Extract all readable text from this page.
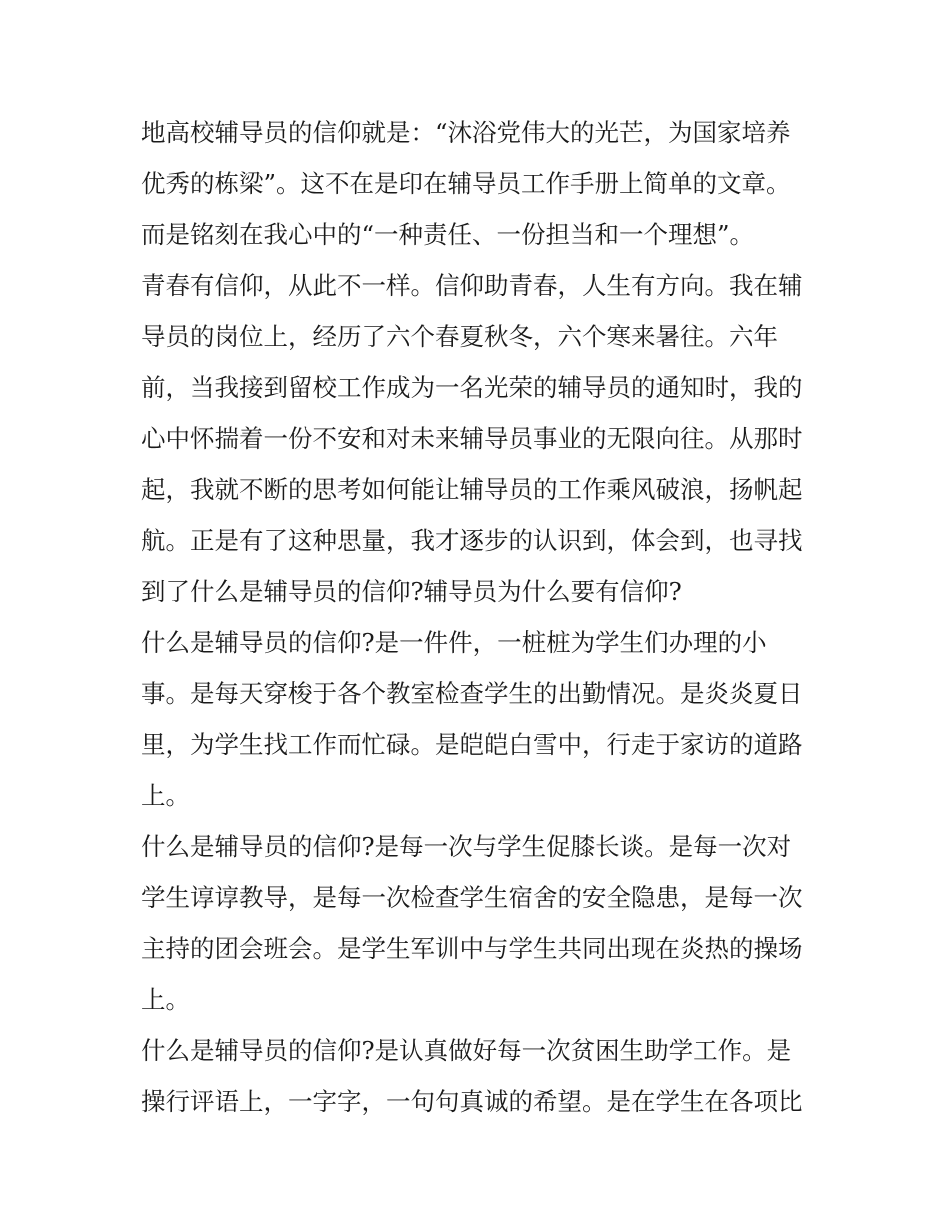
地高校辅导员的信仰就是：“沐浴党伟大的光芒，为国家培养
优秀的栋梁”。这不在是印在辅导员工作手册上简单的文章。
而是铭刻在我心中的“一种责任、一份担当和一个理想”。
青春有信仰，从此不一样。信仰助青春，人生有方向。我在辅
导员的岗位上，经历了六个春夏秋冬，六个寒来暑往。六年
前，当我接到留校工作成为一名光荣的辅导员的通知时，我的
心中怀揣着一份不安和对未来辅导员事业的无限向往。从那时
起，我就不断的思考如何能让辅导员的工作乘风破浪，扬帆起
航。正是有了这种思量，我才逐步的认识到，体会到，也寻找
到了什么是辅导员的信仰?辅导员为什么要有信仰?
什么是辅导员的信仰?是一件件，一桩桩为学生们办理的小
事。是每天穿梭于各个教室检查学生的出勤情况。是炎炎夏日
里，为学生找工作而忙碌。是皑皑白雪中，行走于家访的道路
上。
什么是辅导员的信仰?是每一次与学生促膝长谈。是每一次对
学生谆谆教导，是每一次检查学生宿舍的安全隐患，是每一次
主持的团会班会。是学生军训中与学生共同出现在炎热的操场
上。
什么是辅导员的信仰?是认真做好每一次贫困生助学工作。是
操行评语上，一字字，一句句真诚的希望。是在学生在各项比
